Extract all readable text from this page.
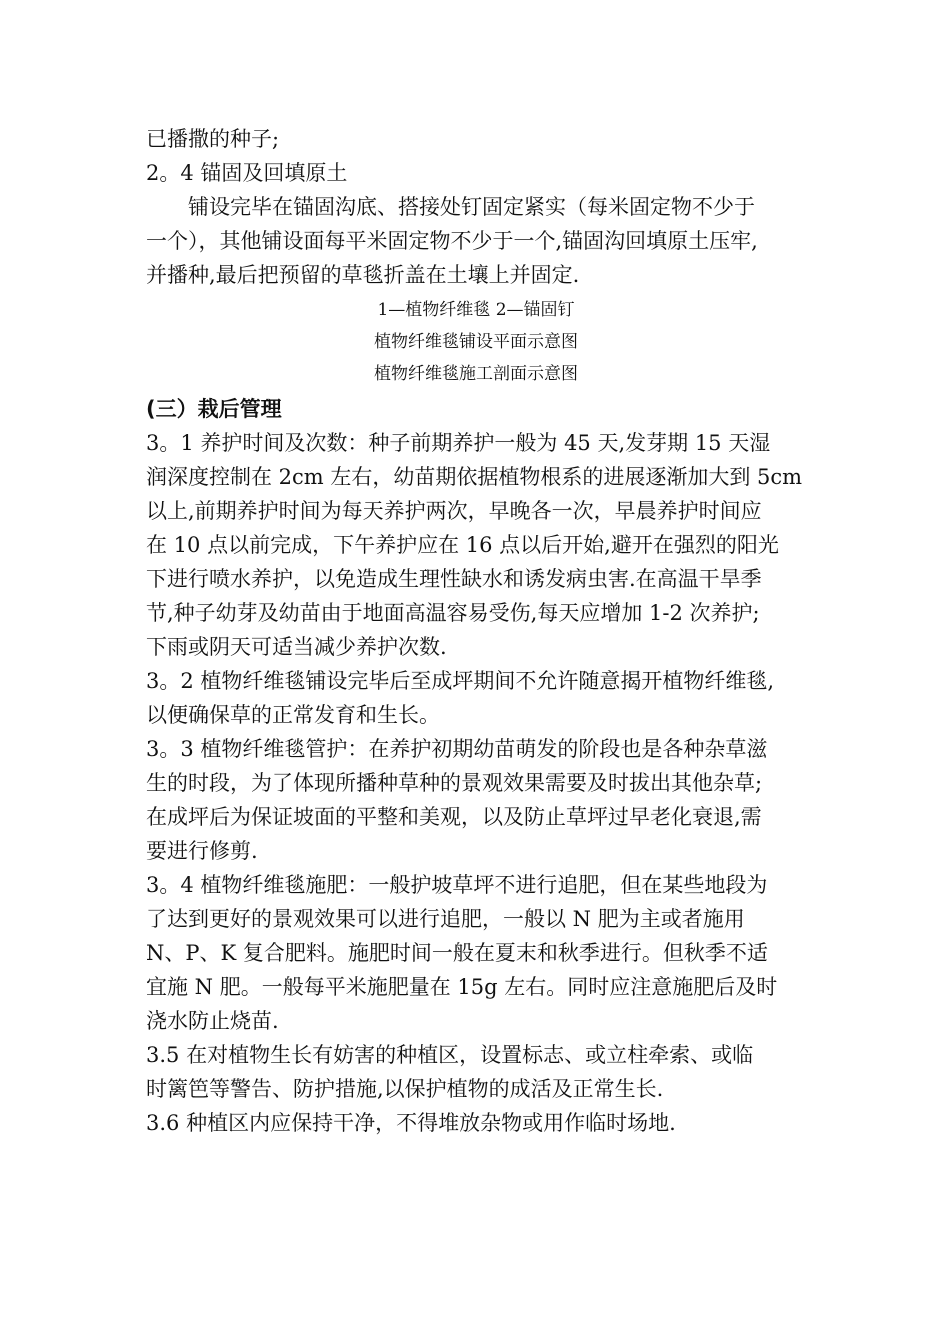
已播撒的种子;
2。4 锚固及回填原土
铺设完毕在锚固沟底、搭接处钉固定紧实（每米固定物不少于
一个），其他铺设面每平米固定物不少于一个,锚固沟回填原土压牢,
并播种,最后把预留的草毯折盖在土壤上并固定.
1—植物纤维毯 2—锚固钉
植物纤维毯铺设平面示意图
植物纤维毯施工剖面示意图
(三）栽后管理
3。1 养护时间及次数：种子前期养护一般为 45 天,发芽期 15 天湿
润深度控制在 2cm 左右，幼苗期依据植物根系的进展逐渐加大到 5cm
以上,前期养护时间为每天养护两次，早晚各一次，早晨养护时间应
在 10 点以前完成，下午养护应在 16 点以后开始,避开在强烈的阳光
下进行喷水养护，以免造成生理性缺水和诱发病虫害.在高温干旱季
节,种子幼芽及幼苗由于地面高温容易受伤,每天应增加 1-2 次养护;
下雨或阴天可适当减少养护次数.
3。2 植物纤维毯铺设完毕后至成坪期间不允许随意揭开植物纤维毯,
以便确保草的正常发育和生长。
3。3 植物纤维毯管护：在养护初期幼苗萌发的阶段也是各种杂草滋
生的时段，为了体现所播种草种的景观效果需要及时拔出其他杂草;
在成坪后为保证坡面的平整和美观，以及防止草坪过早老化衰退,需
要进行修剪.
3。4 植物纤维毯施肥：一般护坡草坪不进行追肥，但在某些地段为
了达到更好的景观效果可以进行追肥，一般以 N 肥为主或者施用
N、P、K 复合肥料。施肥时间一般在夏末和秋季进行。但秋季不适
宜施 N 肥。一般每平米施肥量在 15g 左右。同时应注意施肥后及时
浇水防止烧苗.
3.5 在对植物生长有妨害的种植区，设置标志、或立柱牵索、或临
时篱笆等警告、防护措施,以保护植物的成活及正常生长.
3.6 种植区内应保持干净，不得堆放杂物或用作临时场地.
